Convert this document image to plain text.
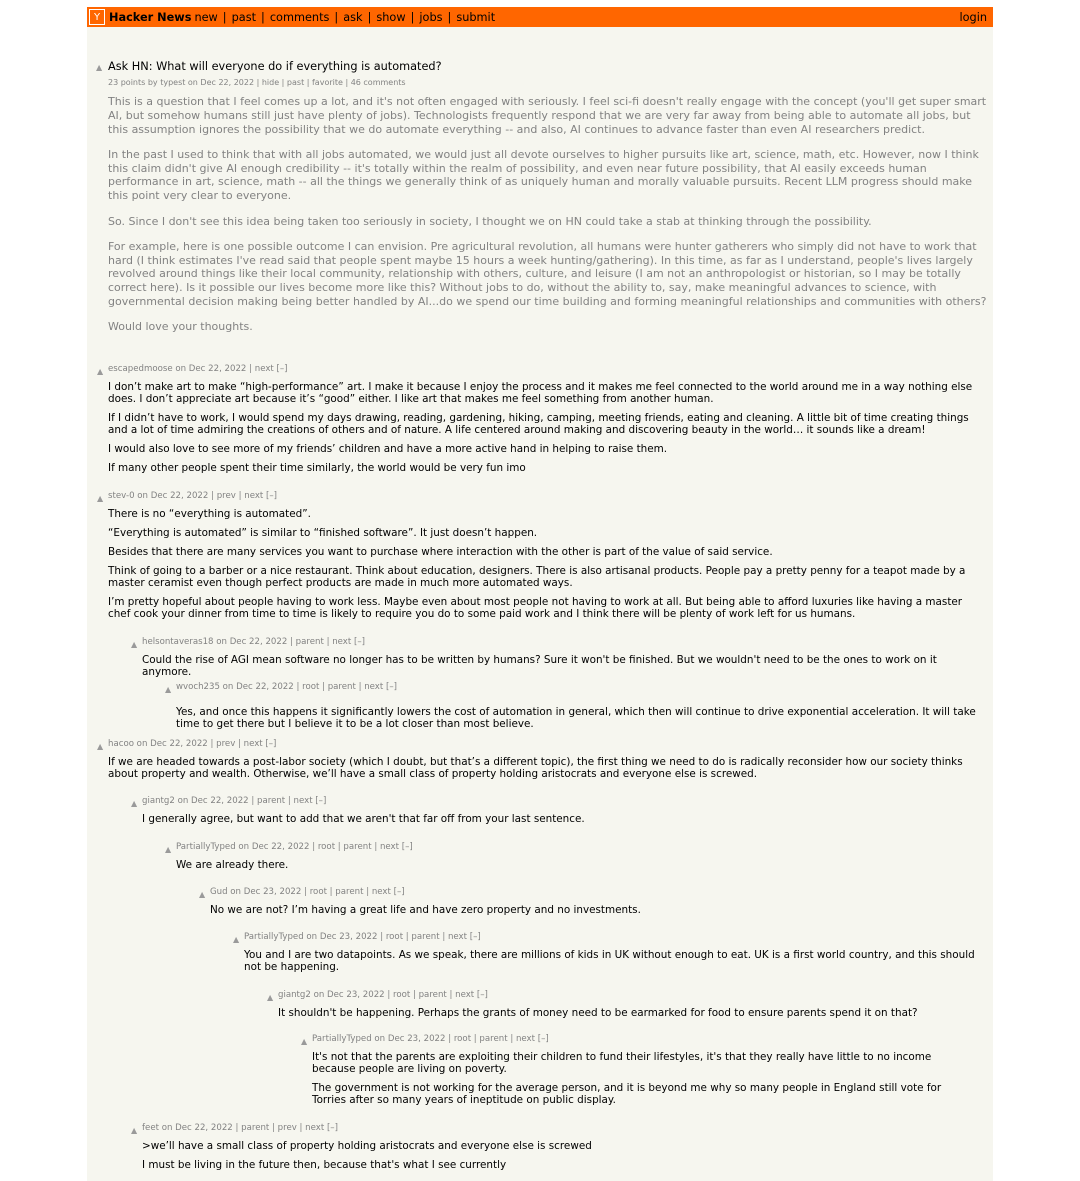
Y Hacker News new | past | comments | ask | show | jobs | submit	login
▲ Ask HN: What will everyone do if everything is automated?
23 points by typest on Dec 22, 2022 | hide | past | favorite | 46 comments

This is a question that I feel comes up a lot, and it's not often engaged with seriously. I feel sci-fi doesn't really engage with the concept (you'll get super smart AI, but somehow humans still just have plenty of jobs). Technologists frequently respond that we are very far away from being able to automate all jobs, but this assumption ignores the possibility that we do automate everything -- and also, AI continues to advance faster than even AI researchers predict.

In the past I used to think that with all jobs automated, we would just all devote ourselves to higher pursuits like art, science, math, etc. However, now I think this claim didn't give AI enough credibility -- it's totally within the realm of possibility, and even near future possibility, that AI easily exceeds human performance in art, science, math -- all the things we generally think of as uniquely human and morally valuable pursuits. Recent LLM progress should make this point very clear to everyone.

So. Since I don't see this idea being taken too seriously in society, I thought we on HN could take a stab at thinking through the possibility.

For example, here is one possible outcome I can envision. Pre agricultural revolution, all humans were hunter gatherers who simply did not have to work that hard (I think estimates I've read said that people spent maybe 15 hours a week hunting/gathering). In this time, as far as I understand, people's lives largely revolved around things like their local community, relationship with others, culture, and leisure (I am not an anthropologist or historian, so I may be totally correct here). Is it possible our lives become more like this? Without jobs to do, without the ability to, say, make meaningful advances to science, with governmental decision making being better handled by AI...do we spend our time building and forming meaningful relationships and communities with others?

Would love your thoughts.

▲ escapedmoose on Dec 22, 2022 | next [–]

I don’t make art to make “high-performance” art. I make it because I enjoy the process and it makes me feel connected to the world around me in a way nothing else does. I don’t appreciate art because it’s “good” either. I like art that makes me feel something from another human.

If I didn’t have to work, I would spend my days drawing, reading, gardening, hiking, camping, meeting friends, eating and cleaning. A little bit of time creating things and a lot of time admiring the creations of others and of nature. A life centered around making and discovering beauty in the world… it sounds like a dream!

I would also love to see more of my friends’ children and have a more active hand in helping to raise them.

If many other people spent their time similarly, the world would be very fun imo

▲ stev-0 on Dec 22, 2022 | prev | next [–]

There is no “everything is automated”.

“Everything is automated” is similar to “finished software”. It just doesn’t happen.

Besides that there are many services you want to purchase where interaction with the other is part of the value of said service.

Think of going to a barber or a nice restaurant. Think about education, designers. There is also artisanal products. People pay a pretty penny for a teapot made by a master ceramist even though perfect products are made in much more automated ways.

I’m pretty hopeful about people having to work less. Maybe even about most people not having to work at all. But being able to afford luxuries like having a master chef cook your dinner from time to time is likely to require you do to some paid work and I think there will be plenty of work left for us humans.

▲ helsontaveras18 on Dec 22, 2022 | parent | next [–]

Could the rise of AGI mean software no longer has to be written by humans? Sure it won't be finished. But we wouldn't need to be the ones to work on it anymore.

▲ wvoch235 on Dec 22, 2022 | root | parent | next [–]

Yes, and once this happens it significantly lowers the cost of automation in general, which then will continue to drive exponential acceleration. It will take time to get there but I believe it to be a lot closer than most believe.

▲ hacoo on Dec 22, 2022 | prev | next [–]

If we are headed towards a post-labor society (which I doubt, but that’s a different topic), the first thing we need to do is radically reconsider how our society thinks about property and wealth. Otherwise, we’ll have a small class of property holding aristocrats and everyone else is screwed.

▲ giantg2 on Dec 22, 2022 | parent | next [–]

I generally agree, but want to add that we aren't that far off from your last sentence.

▲ PartiallyTyped on Dec 22, 2022 | root | parent | next [–]

We are already there.

▲ Gud on Dec 23, 2022 | root | parent | next [–]

No we are not? I’m having a great life and have zero property and no investments.

▲ PartiallyTyped on Dec 23, 2022 | root | parent | next [–]

You and I are two datapoints. As we speak, there are millions of kids in UK without enough to eat. UK is a first world country, and this should not be happening.

▲ giantg2 on Dec 23, 2022 | root | parent | next [–]

It shouldn't be happening. Perhaps the grants of money need to be earmarked for food to ensure parents spend it on that?

▲ PartiallyTyped on Dec 23, 2022 | root | parent | next [–]

It's not that the parents are exploiting their children to fund their lifestyles, it's that they really have little to no income because people are living on poverty.

The government is not working for the average person, and it is beyond me why so many people in England still vote for Torries after so many years of ineptitude on public display.

▲ feet on Dec 22, 2022 | parent | prev | next [–]

>we’ll have a small class of property holding aristocrats and everyone else is screwed

I must be living in the future then, because that's what I see currently
